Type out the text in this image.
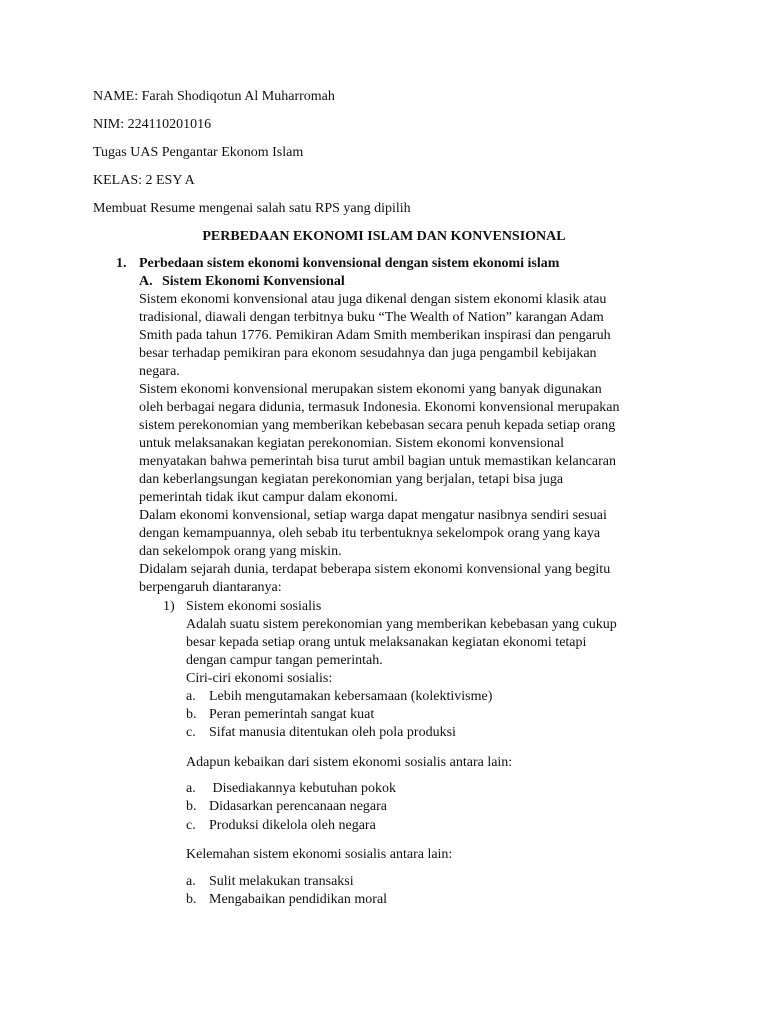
NAME: Farah Shodiqotun Al Muharromah
NIM: 224110201016
Tugas UAS Pengantar Ekonom Islam
KELAS: 2 ESY A
Membuat Resume mengenai salah satu RPS yang dipilih
PERBEDAAN EKONOMI ISLAM DAN KONVENSIONAL
1. Perbedaan sistem ekonomi konvensional dengan sistem ekonomi islam
A. Sistem Ekonomi Konvensional
Sistem ekonomi konvensional atau juga dikenal dengan sistem ekonomi klasik atau
tradisional, diawali dengan terbitnya buku “The Wealth of Nation” karangan Adam
Smith pada tahun 1776. Pemikiran Adam Smith memberikan inspirasi dan pengaruh
besar terhadap pemikiran para ekonom sesudahnya dan juga pengambil kebijakan
negara.
Sistem ekonomi konvensional merupakan sistem ekonomi yang banyak digunakan
oleh berbagai negara didunia, termasuk Indonesia. Ekonomi konvensional merupakan
sistem perekonomian yang memberikan kebebasan secara penuh kepada setiap orang
untuk melaksanakan kegiatan perekonomian. Sistem ekonomi konvensional
menyatakan bahwa pemerintah bisa turut ambil bagian untuk memastikan kelancaran
dan keberlangsungan kegiatan perekonomian yang berjalan, tetapi bisa juga
pemerintah tidak ikut campur dalam ekonomi.
Dalam ekonomi konvensional, setiap warga dapat mengatur nasibnya sendiri sesuai
dengan kemampuannya, oleh sebab itu terbentuknya sekelompok orang yang kaya
dan sekelompok orang yang miskin.
Didalam sejarah dunia, terdapat beberapa sistem ekonomi konvensional yang begitu
berpengaruh diantaranya:
1) Sistem ekonomi sosialis
Adalah suatu sistem perekonomian yang memberikan kebebasan yang cukup
besar kepada setiap orang untuk melaksanakan kegiatan ekonomi tetapi
dengan campur tangan pemerintah.
Ciri-ciri ekonomi sosialis:
a. Lebih mengutamakan kebersamaan (kolektivisme)
b. Peran pemerintah sangat kuat
c. Sifat manusia ditentukan oleh pola produksi
Adapun kebaikan dari sistem ekonomi sosialis antara lain:
a. Disediakannya kebutuhan pokok
b. Didasarkan perencanaan negara
c. Produksi dikelola oleh negara
Kelemahan sistem ekonomi sosialis antara lain:
a. Sulit melakukan transaksi
b. Mengabaikan pendidikan moral
